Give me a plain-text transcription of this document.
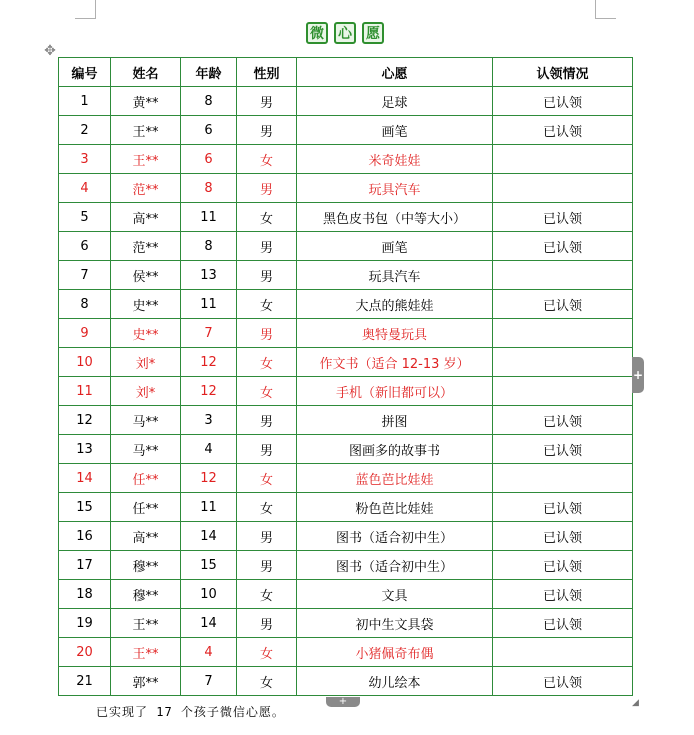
微 心 愿
✥
编号	姓名	年龄	性别	心愿	认领情况
1	黄**	8	男	足球	已认领
2	王**	6	男	画笔	已认领
3	王**	6	女	米奇娃娃	
4	范**	8	男	玩具汽车	
5	高**	11	女	黑色皮书包（中等大小）	已认领
6	范**	8	男	画笔	已认领
7	侯**	13	男	玩具汽车	
8	史**	11	女	大点的熊娃娃	已认领
9	史**	7	男	奥特曼玩具	
10	刘*	12	女	作文书（适合 12-13 岁）	
11	刘*	12	女	手机（新旧都可以）	
12	马**	3	男	拼图	已认领
13	马**	4	男	图画多的故事书	已认领
14	任**	12	女	蓝色芭比娃娃	
15	任**	11	女	粉色芭比娃娃	已认领
16	高**	14	男	图书（适合初中生）	已认领
17	穆**	15	男	图书（适合初中生）	已认领
18	穆**	10	女	文具	已认领
19	王**	14	男	初中生文具袋	已认领
20	王**	4	女	小猪佩奇布偶	
21	郭**	7	女	幼儿绘本	已认领
+
+	◢
已实现了 17 个孩子微信心愿。
